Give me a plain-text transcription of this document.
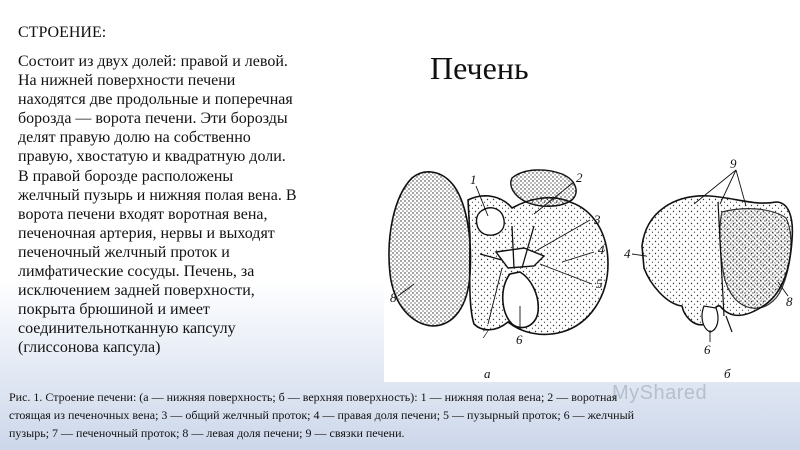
СТРОЕНИЕ:
Состоит из двух долей: правой и левой.
На нижней поверхности печени
находятся две продольные и поперечная
борозда — ворота печени. Эти борозды
делят правую долю на собственно
правую, хвостатую и квадратную доли.
В правой борозде расположены
желчный пузырь и нижняя полая вена. В
ворота печени входят воротная вена,
печеночная артерия, нервы и выходят
печеночный желчный проток и
лимфатические сосуды. Печень, за
исключением задней поверхности,
покрыта брюшиной и имеет
соединительнотканную капсулу
(глиссонова капсула)
Печень
1	2
3
4
5
6
7
8
а
9
4
8
6
б
MyShared
Рис. 1. Строение печени: (а — нижняя поверхность; б — верхняя поверхность): 1 — нижняя полая вена; 2 — воротная
стоящая из печеночных вена; 3 — общий желчный проток; 4 — правая доля печени; 5 — пузырный проток; 6 — желчный
пузырь; 7 — печеночный проток; 8 — левая доля печени; 9 — связки печени.
